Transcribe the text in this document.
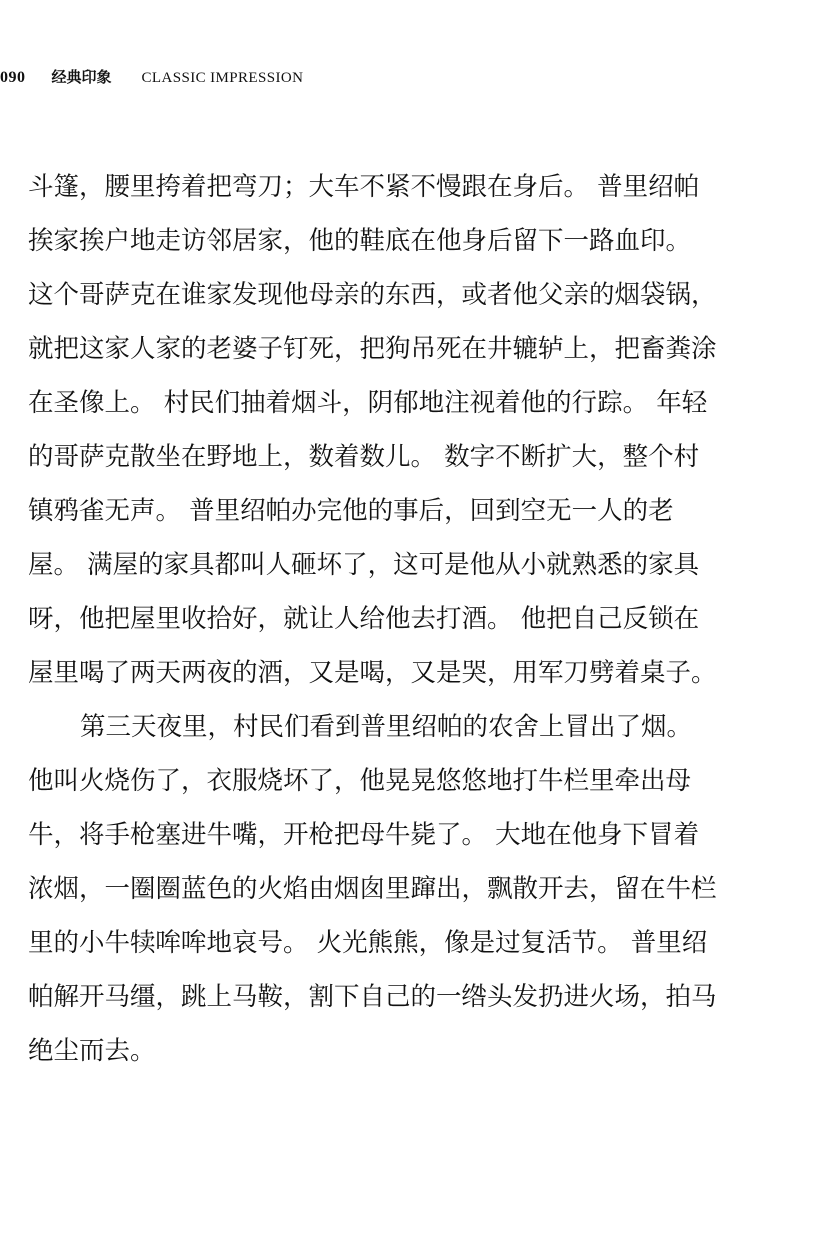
090 经典印象 CLASSIC IMPRESSION
斗篷，腰里挎着把弯刀；大车不紧不慢跟在身后。 普里绍帕
挨家挨户地走访邻居家，他的鞋底在他身后留下一路血印。
这个哥萨克在谁家发现他母亲的东西，或者他父亲的烟袋锅，
就把这家人家的老婆子钉死，把狗吊死在井辘轳上，把畜粪涂
在圣像上。 村民们抽着烟斗，阴郁地注视着他的行踪。 年轻
的哥萨克散坐在野地上，数着数儿。 数字不断扩大，整个村
镇鸦雀无声。 普里绍帕办完他的事后，回到空无一人的老
屋。 满屋的家具都叫人砸坏了，这可是他从小就熟悉的家具
呀，他把屋里收拾好，就让人给他去打酒。 他把自己反锁在
屋里喝了两天两夜的酒，又是喝，又是哭，用军刀劈着桌子。
第三天夜里，村民们看到普里绍帕的农舍上冒出了烟。
他叫火烧伤了，衣服烧坏了，他晃晃悠悠地打牛栏里牵出母
牛，将手枪塞进牛嘴，开枪把母牛毙了。 大地在他身下冒着
浓烟，一圈圈蓝色的火焰由烟囱里蹿出，飘散开去，留在牛栏
里的小牛犊哞哞地哀号。 火光熊熊，像是过复活节。 普里绍
帕解开马缰，跳上马鞍，割下自己的一绺头发扔进火场，拍马
绝尘而去。
